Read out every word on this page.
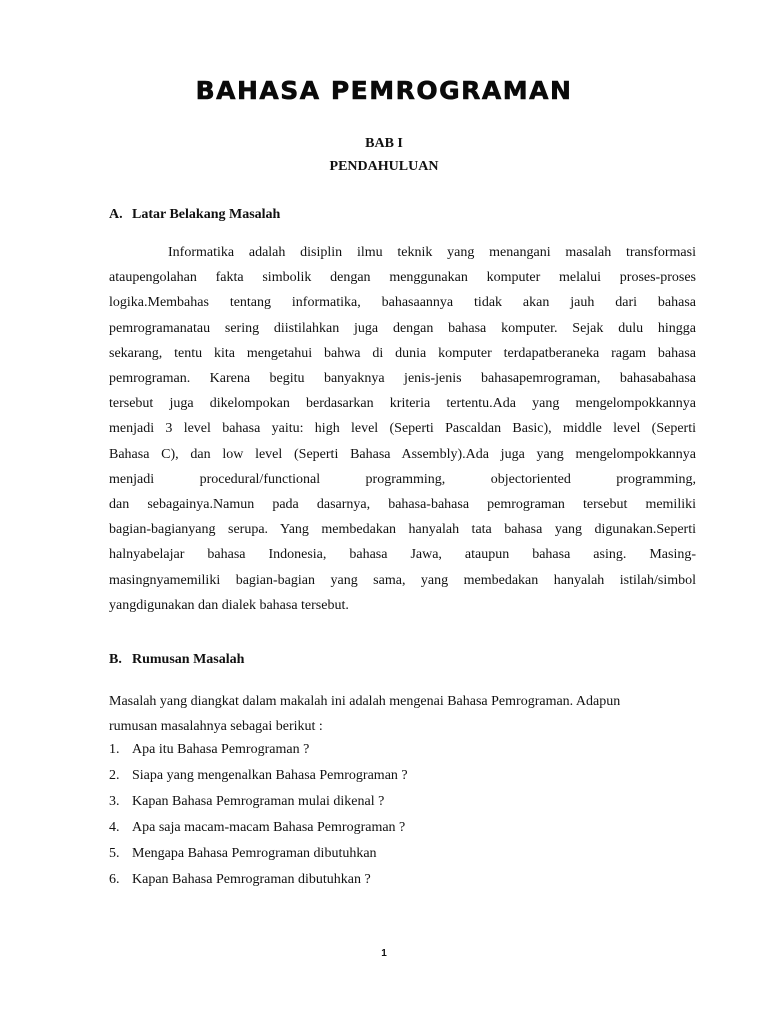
BAHASA PEMROGRAMAN
BAB I
PENDAHULUAN
A. Latar Belakang Masalah
Informatika adalah disiplin ilmu teknik yang menangani masalah transformasi
ataupengolahan fakta simbolik dengan menggunakan komputer melalui proses-proses
logika.Membahas tentang informatika, bahasaannya tidak akan jauh dari bahasa
pemrogramanatau sering diistilahkan juga dengan bahasa komputer. Sejak dulu hingga
sekarang, tentu kita mengetahui bahwa di dunia komputer terdapatberaneka ragam bahasa
pemrograman. Karena begitu banyaknya jenis-jenis bahasapemrograman, bahasabahasa
tersebut juga dikelompokan berdasarkan kriteria tertentu.Ada yang mengelompokkannya
menjadi 3 level bahasa yaitu: high level (Seperti Pascaldan Basic), middle level (Seperti
Bahasa C), dan low level (Seperti Bahasa Assembly).Ada juga yang mengelompokkannya
menjadi procedural/functional programming, objectoriented programming,
dan sebagainya.Namun pada dasarnya, bahasa-bahasa pemrograman tersebut memiliki
bagian-bagianyang serupa. Yang membedakan hanyalah tata bahasa yang digunakan.Seperti
halnyabelajar bahasa Indonesia, bahasa Jawa, ataupun bahasa asing. Masing-
masingnyamemiliki bagian-bagian yang sama, yang membedakan hanyalah istilah/simbol
yangdigunakan dan dialek bahasa tersebut.
B. Rumusan Masalah
Masalah yang diangkat dalam makalah ini adalah mengenai Bahasa Pemrograman. Adapun
rumusan masalahnya sebagai berikut :
1. Apa itu Bahasa Pemrograman ?
2. Siapa yang mengenalkan Bahasa Pemrograman ?
3. Kapan Bahasa Pemrograman mulai dikenal ?
4. Apa saja macam-macam Bahasa Pemrograman ?
5. Mengapa Bahasa Pemrograman dibutuhkan
6. Kapan Bahasa Pemrograman dibutuhkan ?
1
